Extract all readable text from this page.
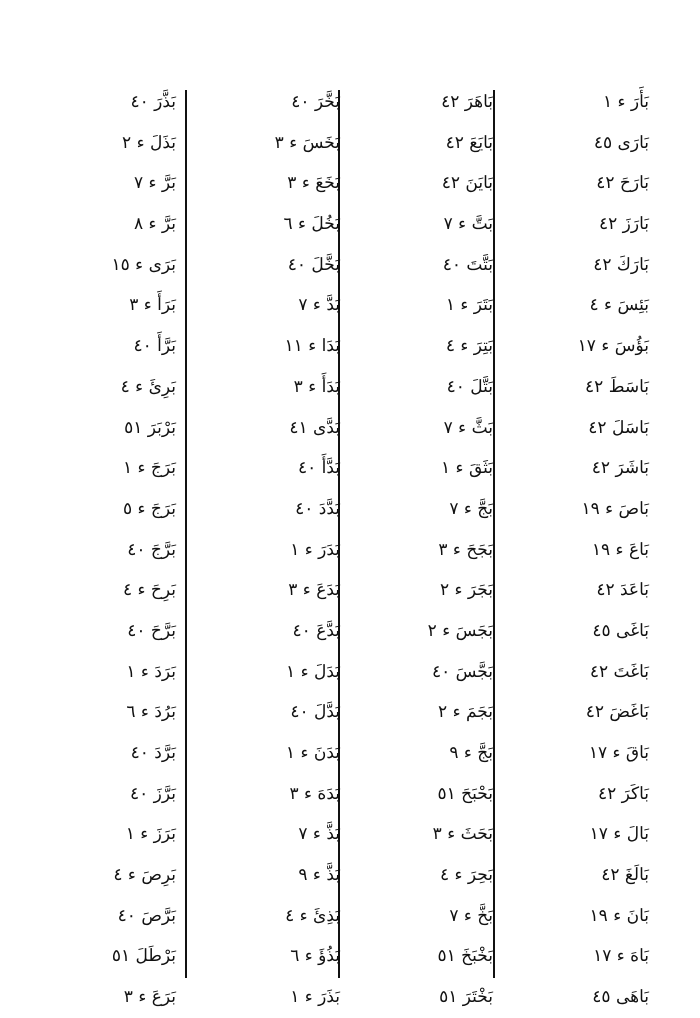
بَأَرَ ء ١
بَارَى ٤٥
بَارَحَ ٤٢
بَارَزَ ٤٢
بَارَكَ ٤٢
بَئِسَ ء ٤
بَؤُسَ ء ١٧
بَاسَطَ ٤٢
بَاسَلَ ٤٢
بَاشَرَ ٤٢
بَاصَ ء ١٩
بَاعَ ء ١٩
بَاعَدَ ٤٢
بَاغَى ٤٥
بَاغَتَ ٤٢
بَاغَضَ ٤٢
بَاقَ ء ١٧
بَاكَرَ ٤٢
بَالَ ء ١٧
بَالَغَ ٤٢
بَانَ ء ١٩
بَاهَ ء ١٧
بَاهَى ٤٥
بَاهَرَ ٤٢
بَايَعَ ٤٢
بَايَنَ ٤٢
بَتَّ ء ٧
بَتَّتَ ٤٠
بَتَرَ ء ١
بَتِرَ ء ٤
بَتَّلَ ٤٠
بَثَّ ء ٧
بَثَقَ ء ١
بَجَّ ء ٧
بَجَحَ ء ٣
بَجَرَ ء ٢
بَجَسَ ء ٢
بَجَّسَ ٤٠
بَجَمَ ء ٢
بَجَّ ء ٩
بَحْبَحَ ٥١
بَحَثَ ء ٣
بَحِرَ ء ٤
بَخَّ ء ٧
بَخْبَخَ ٥١
بَخْتَرَ ٥١
بَخَّرَ ٤٠
بَخَسَ ء ٣
بَخَعَ ء ٣
بَخُلَ ء ٦
بَخَّلَ ٤٠
بَدَّ ء ٧
بَدَا ء ١١
بَدَأَ ء ٣
بَدَّى ٤١
بَدَّأَ ٤٠
بَدَّدَ ٤٠
بَدَرَ ء ١
بَدَعَ ء ٣
بَدَّعَ ٤٠
بَدَلَ ء ١
بَدَّلَ ٤٠
بَدَنَ ء ١
بَدَهَ ء ٣
بَذَّ ء ٧
بَذَّ ء ٩
بَذِئَ ء ٤
بَذُؤَ ء ٦
بَذَرَ ء ١
بَذَّرَ ٤٠
بَذَلَ ء ٢
بَرَّ ء ٧
بَرَّ ء ٨
بَرَى ء ١٥
بَرَأَ ء ٣
بَرَّأَ ٤٠
بَرِئَ ء ٤
بَرْبَرَ ٥١
بَرَجَ ء ١
بَرَجَ ء ٥
بَرَّجَ ٤٠
بَرِحَ ء ٤
بَرَّحَ ٤٠
بَرَدَ ء ١
بَرُدَ ء ٦
بَرَّدَ ٤٠
بَرَّزَ ٤٠
بَرَزَ ء ١
بَرِصَ ء ٤
بَرَّصَ ٤٠
بَرْطَلَ ٥١
بَرَعَ ء ٣
